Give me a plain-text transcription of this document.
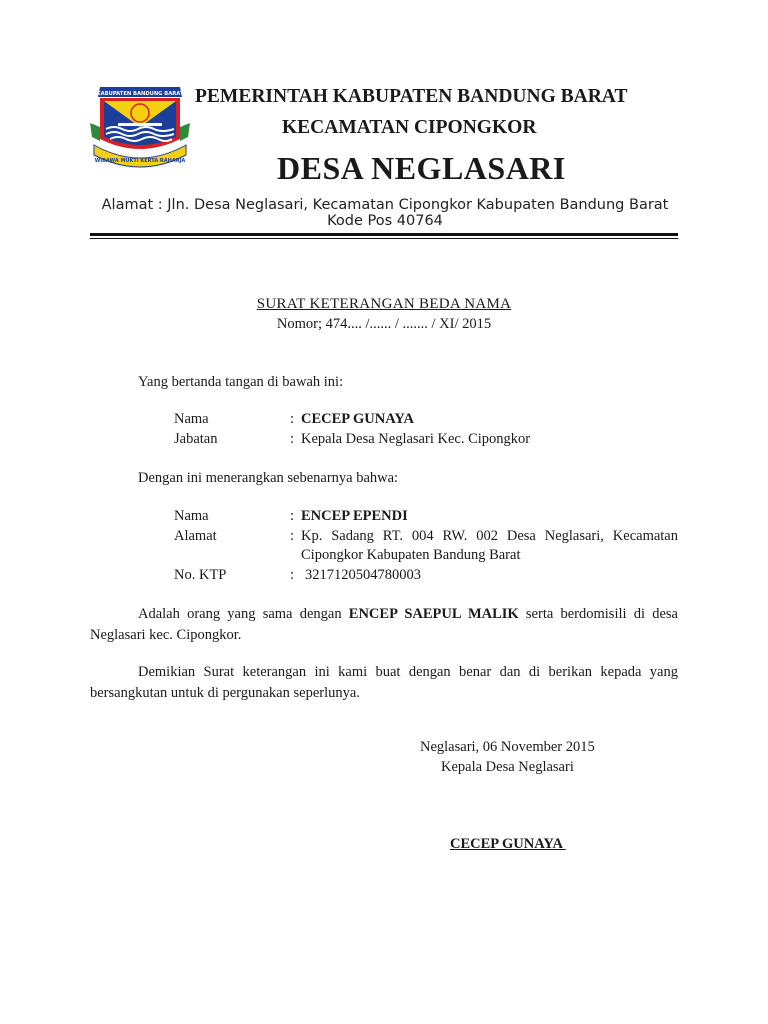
KABUPATEN BANDUNG BARAT
WIBAWA MUKTI KERTA RAHARJA
PEMERINTAH KABUPATEN BANDUNG BARAT
KECAMATAN CIPONGKOR
DESA NEGLASARI
Alamat : Jln. Desa Neglasari, Kecamatan Cipongkor Kabupaten Bandung Barat Kode Pos 40764
SURAT KETERANGAN BEDA NAMA
Nomor; 474.... /...... / ....... / XI/ 2015
Yang bertanda tangan di bawah ini:
Nama	: CECEP GUNAYA
Jabatan	: Kepala Desa Neglasari Kec. Cipongkor
Dengan ini menerangkan sebenarnya bahwa:
Nama	: ENCEP EPENDI
Alamat	: Kp. Sadang RT. 004 RW. 002 Desa Neglasari, Kecamatan
Cipongkor Kabupaten Bandung Barat
No. KTP	: 3217120504780003
Adalah orang yang sama dengan ENCEP SAEPUL MALIK serta berdomisili di desa Neglasari kec. Cipongkor.
Demikian Surat keterangan ini kami buat dengan benar dan di berikan kepada yang bersangkutan untuk di pergunakan seperlunya.
Neglasari, 06 November 2015
Kepala Desa Neglasari
CECEP GUNAYA
